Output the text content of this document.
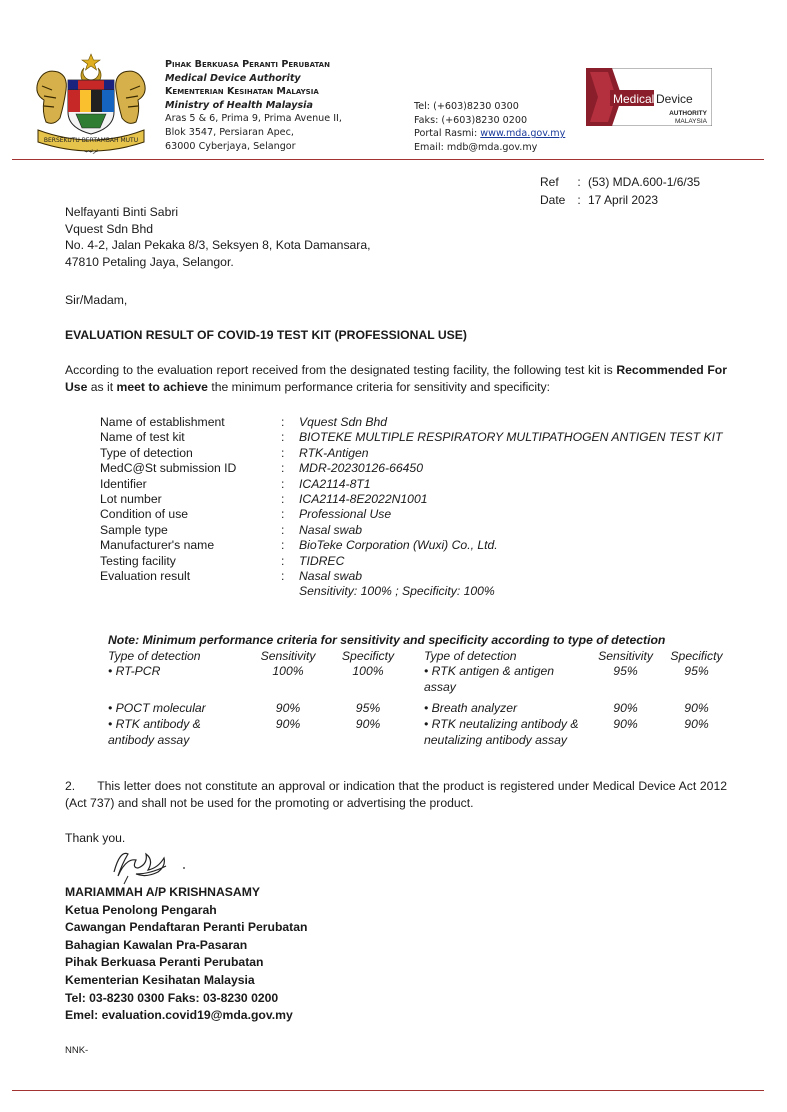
BERSEKUTU BERTAMBAH MUTU
ترتيب
Pihak Berkuasa Peranti Perubatan
Medical Device Authority
Kementerian Kesihatan Malaysia
Ministry of Health Malaysia
Aras 5 & 6, Prima 9, Prima Avenue II,
Blok 3547, Persiaran Apec,
63000 Cyberjaya, Selangor
Tel: (+603)8230 0300
Faks: (+603)8230 0200
Portal Rasmi: www.mda.gov.my
Email: mdb@mda.gov.my
Medical Device
AUTHORITY
MALAYSIA
Ref	:	(53) MDA.600-1/6/35
Date	:	17 April 2023
Nelfayanti Binti Sabri
Vquest Sdn Bhd
No. 4-2, Jalan Pekaka 8/3, Seksyen 8, Kota Damansara,
47810 Petaling Jaya, Selangor.
Sir/Madam,
EVALUATION RESULT OF COVID-19 TEST KIT (PROFESSIONAL USE)
According to the evaluation report received from the designated testing facility, the following test kit is Recommended For Use as it meet to achieve the minimum performance criteria for sensitivity and specificity:
Name of establishment	:	Vquest Sdn Bhd
Name of test kit	:	BIOTEKE MULTIPLE RESPIRATORY MULTIPATHOGEN ANTIGEN TEST KIT
Type of detection	:	RTK-Antigen
MedC@St submission ID	:	MDR-20230126-66450
Identifier	:	ICA2114-8T1
Lot number	:	ICA2114-8E2022N1001
Condition of use	:	Professional Use
Sample type	:	Nasal swab
Manufacturer's name	:	BioTeke Corporation (Wuxi) Co., Ltd.
Testing facility	:	TIDREC
Evaluation result	:	Nasal swab
Sensitivity: 100% ; Specificity: 100%
Note: Minimum performance criteria for sensitivity and specificity according to type of detection
Type of detection	Sensitivity	Specificty	Type of detection	Sensitivity	Specificty
• RT-PCR	100%	100%	• RTK antigen & antigen assay	95%	95%
• POCT molecular	90%	95%	• Breath analyzer	90%	90%
• RTK antibody & antibody assay	90%	90%	• RTK neutalizing antibody & neutalizing antibody assay	90%	90%
2.      This letter does not constitute an approval or indication that the product is registered under Medical Device Act 2012 (Act 737) and shall not be used for the promoting or advertising the product.
Thank you.
MARIAMMAH A/P KRISHNASAMY
Ketua Penolong Pengarah
Cawangan Pendaftaran Peranti Perubatan
Bahagian Kawalan Pra-Pasaran
Pihak Berkuasa Peranti Perubatan
Kementerian Kesihatan Malaysia
Tel: 03-8230 0300 Faks: 03-8230 0200
Emel: evaluation.covid19@mda.gov.my
NNK-
